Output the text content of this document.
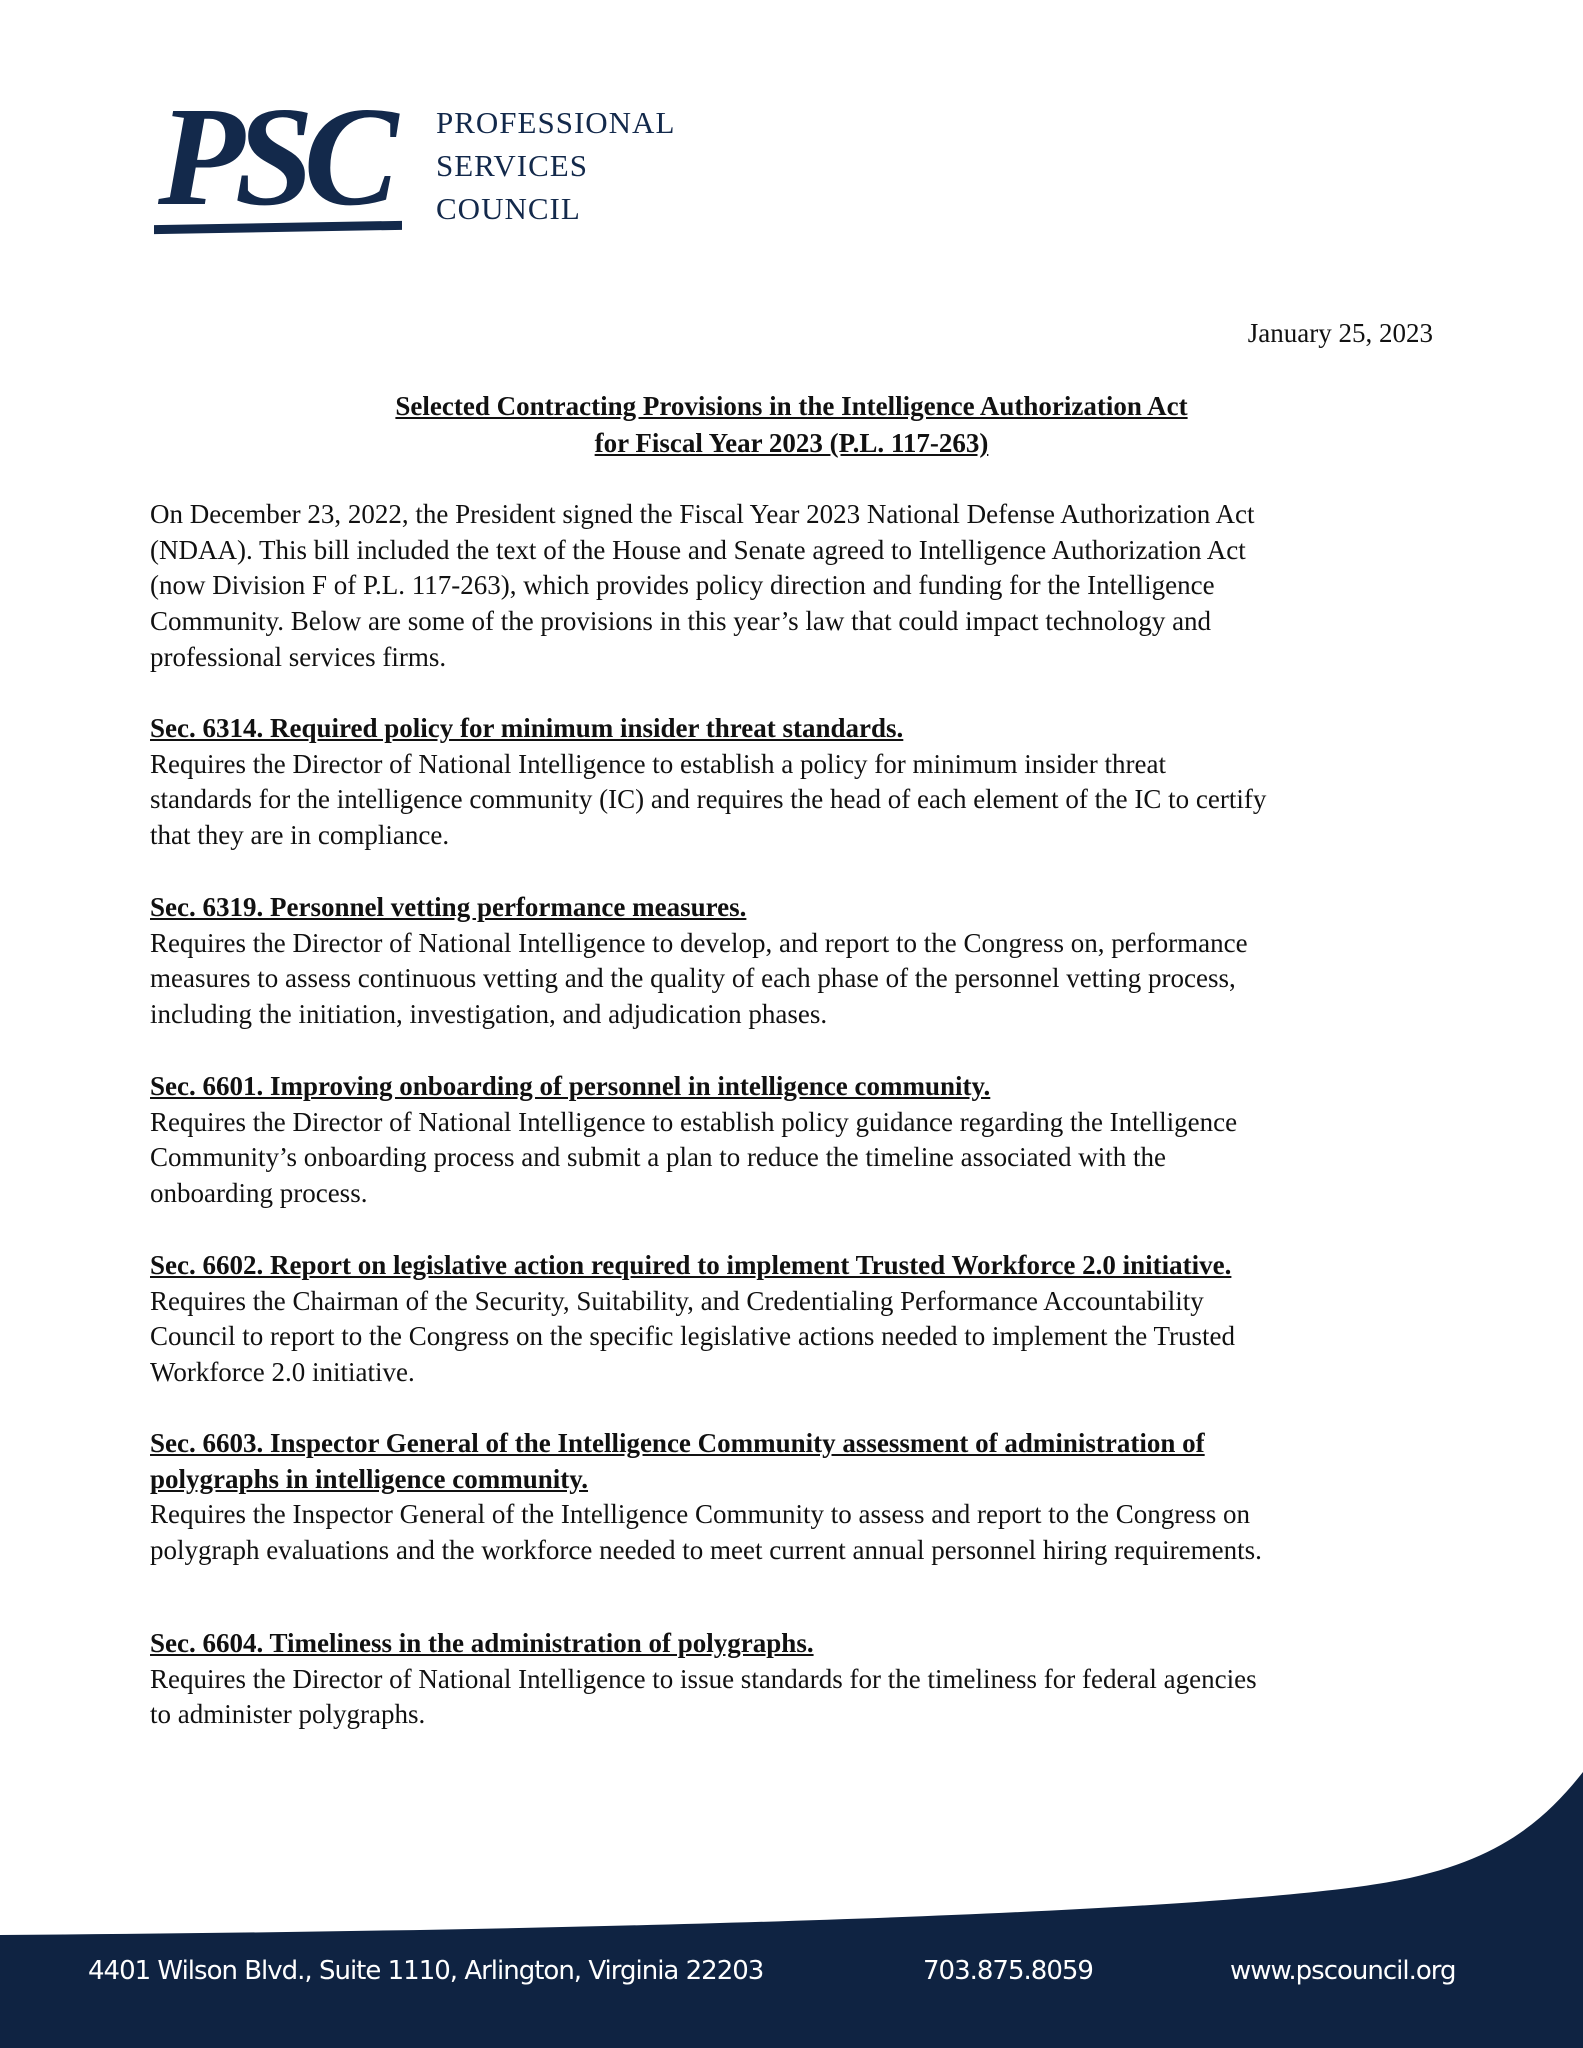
PSC PROFESSIONAL
SERVICES
COUNCIL
January 25, 2023
Selected Contracting Provisions in the Intelligence Authorization Act
for Fiscal Year 2023 (P.L. 117-263)
On December 23, 2022, the President signed the Fiscal Year 2023 National Defense Authorization Act
(NDAA). This bill included the text of the House and Senate agreed to Intelligence Authorization Act
(now Division F of P.L. 117-263), which provides policy direction and funding for the Intelligence
Community. Below are some of the provisions in this year’s law that could impact technology and
professional services firms.
Sec. 6314. Required policy for minimum insider threat standards.
Requires the Director of National Intelligence to establish a policy for minimum insider threat
standards for the intelligence community (IC) and requires the head of each element of the IC to certify
that they are in compliance.
Sec. 6319. Personnel vetting performance measures.
Requires the Director of National Intelligence to develop, and report to the Congress on, performance
measures to assess continuous vetting and the quality of each phase of the personnel vetting process,
including the initiation, investigation, and adjudication phases.
Sec. 6601. Improving onboarding of personnel in intelligence community.
Requires the Director of National Intelligence to establish policy guidance regarding the Intelligence
Community’s onboarding process and submit a plan to reduce the timeline associated with the
onboarding process.
Sec. 6602. Report on legislative action required to implement Trusted Workforce 2.0 initiative.
Requires the Chairman of the Security, Suitability, and Credentialing Performance Accountability
Council to report to the Congress on the specific legislative actions needed to implement the Trusted
Workforce 2.0 initiative.
Sec. 6603. Inspector General of the Intelligence Community assessment of administration of
polygraphs in intelligence community.
Requires the Inspector General of the Intelligence Community to assess and report to the Congress on
polygraph evaluations and the workforce needed to meet current annual personnel hiring requirements.
Sec. 6604. Timeliness in the administration of polygraphs.
Requires the Director of National Intelligence to issue standards for the timeliness for federal agencies
to administer polygraphs.
4401 Wilson Blvd., Suite 1110, Arlington, Virginia 22203	703.875.8059	www.pscouncil.org
